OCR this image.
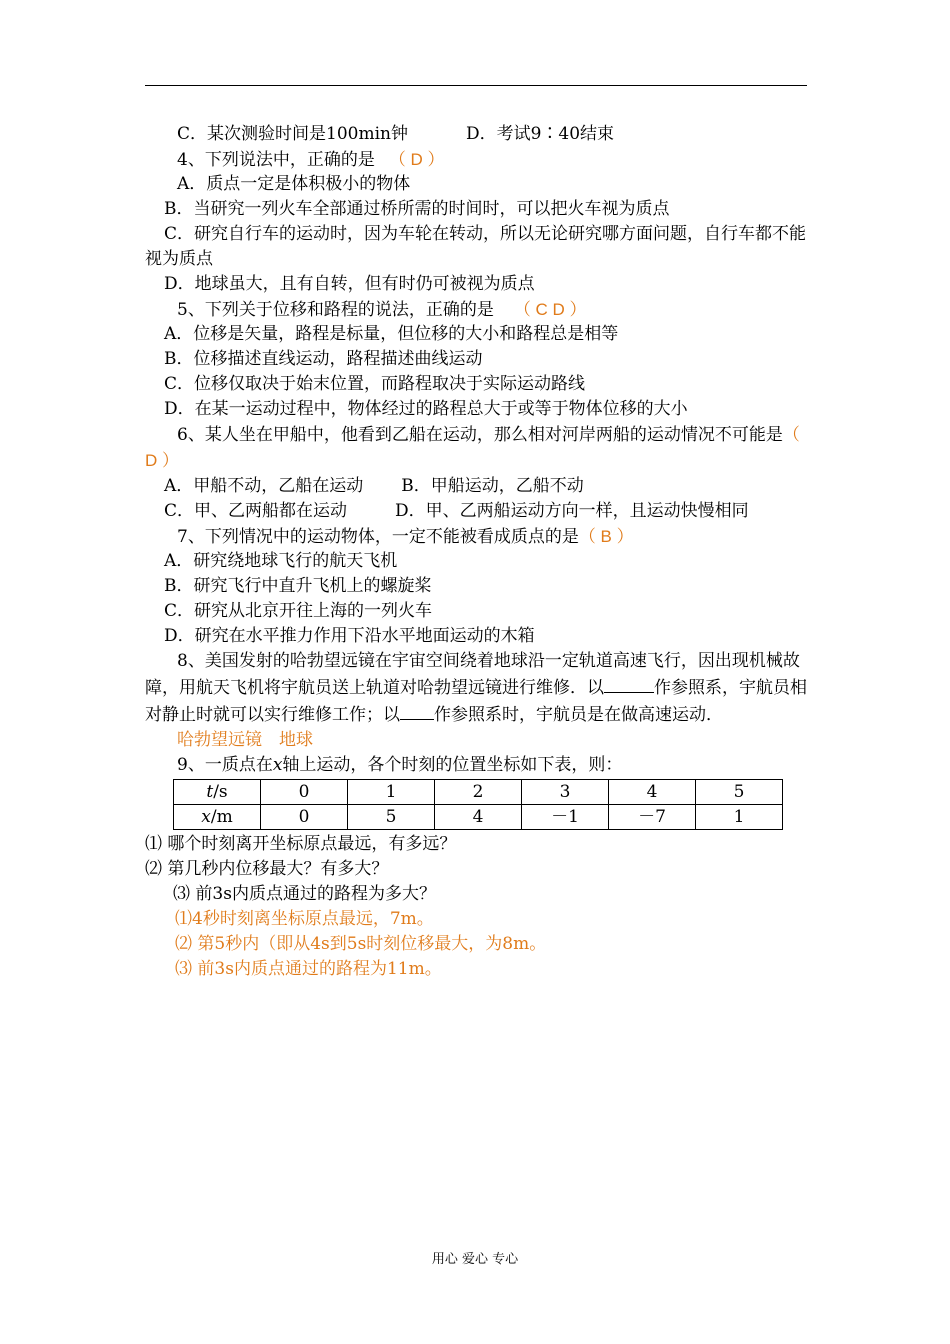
C．某次测验时间是100min钟	D．考试9∶40结束
4、下列说法中，正确的是 （ D ）
A．质点一定是体积极小的物体
B．当研究一列火车全部通过桥所需的时间时，可以把火车视为质点
C．研究自行车的运动时，因为车轮在转动，所以无论研究哪方面问题，自行车都不能视为质点
D．地球虽大，且有自转，但有时仍可被视为质点
5、下列关于位移和路程的说法，正确的是 （ C D ）
A．位移是矢量，路程是标量，但位移的大小和路程总是相等
B．位移描述直线运动，路程描述曲线运动
C．位移仅取决于始末位置，而路程取决于实际运动路线
D．在某一运动过程中，物体经过的路程总大于或等于物体位移的大小
6、某人坐在甲船中，他看到乙船在运动，那么相对河岸两船的运动情况不可能是（ D ）
A．甲船不动，乙船在运动 B．甲船运动，乙船不动
C．甲、乙两船都在运动	D．甲、乙两船运动方向一样，且运动快慢相同
7、下列情况中的运动物体，一定不能被看成质点的是（ B ）
A．研究绕地球飞行的航天飞机
B．研究飞行中直升飞机上的螺旋桨
C．研究从北京开往上海的一列火车
D．研究在水平推力作用下沿水平地面运动的木箱
8、美国发射的哈勃望远镜在宇宙空间绕着地球沿一定轨道高速飞行，因出现机械故障，用航天飞机将宇航员送上轨道对哈勃望远镜进行维修．以	作参照系，宇航员相对静止时就可以实行维修工作；以 作参照系时，宇航员是在做高速运动．
哈勃望远镜　地球
9、一质点在x轴上运动，各个时刻的位置坐标如下表，则：
t/s	0	1	2	3	4	5
x/m	0	5	4	－1	－7	1
⑴ 哪个时刻离开坐标原点最远，有多远？
⑵ 第几秒内位移最大？有多大？
⑶ 前3s内质点通过的路程为多大？
⑴4秒时刻离坐标原点最远，7m。
⑵ 第5秒内（即从4s到5s时刻位移最大，为8m。
⑶ 前3s内质点通过的路程为11m。
用心 爱心 专心
